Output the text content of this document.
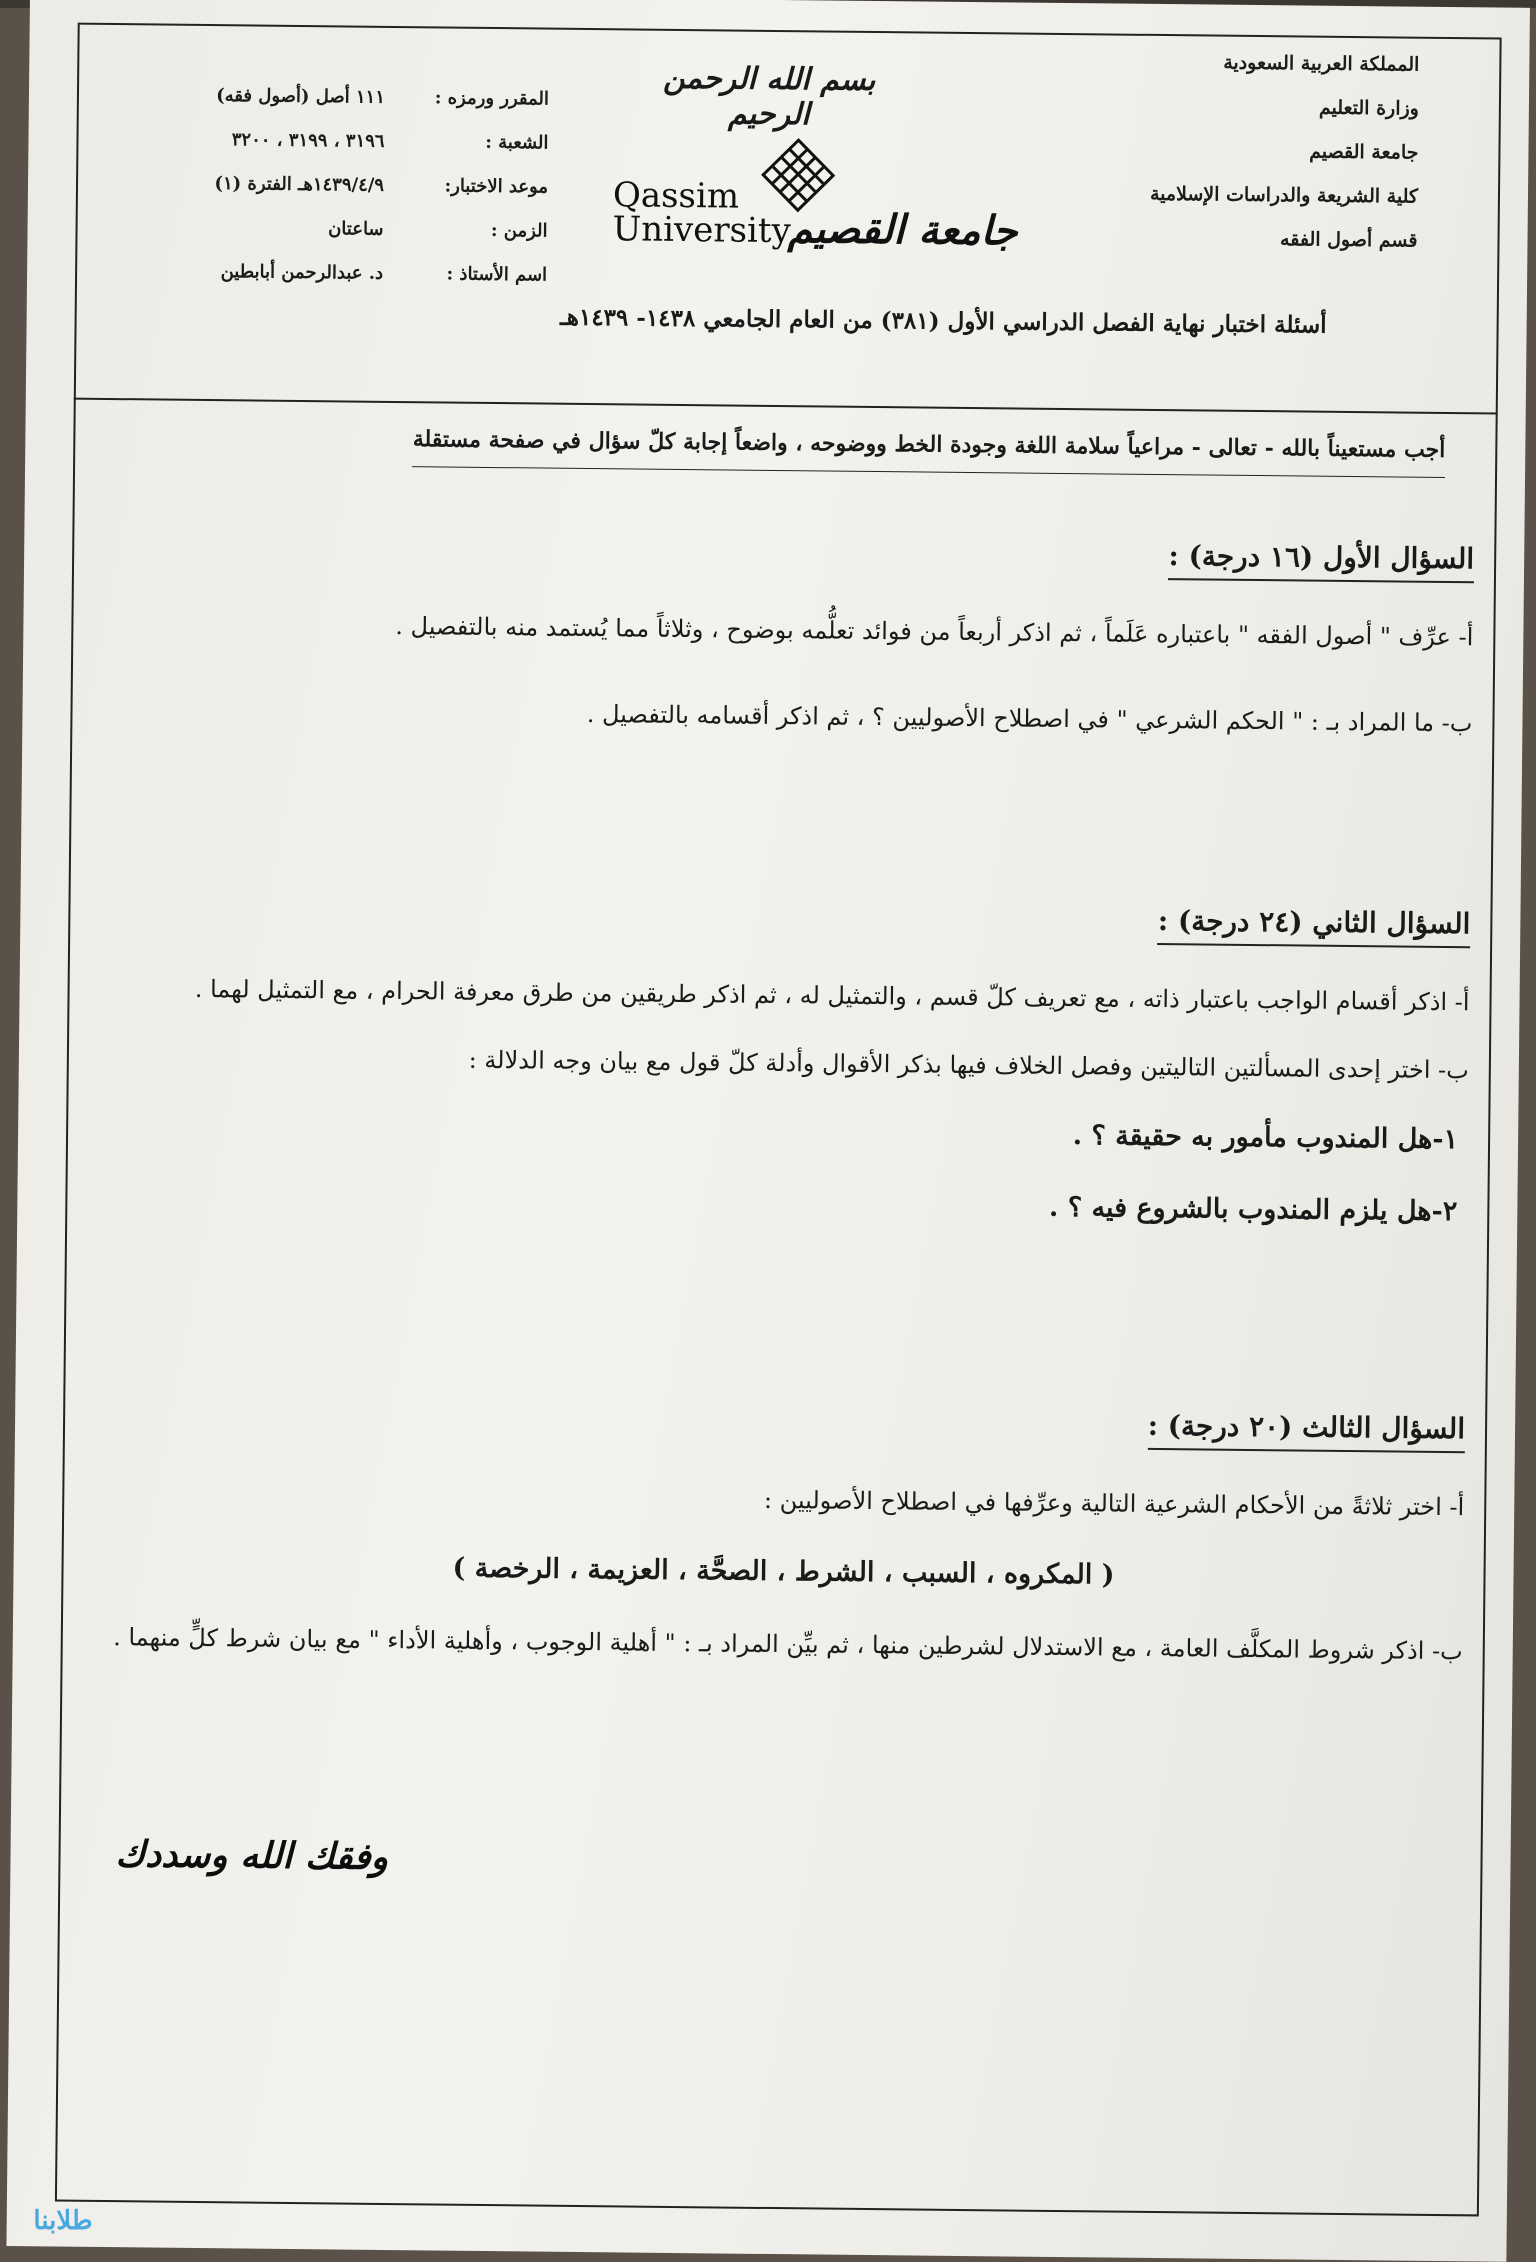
المملكة العربية السعودية
وزارة التعليم
جامعة القصيم
كلية الشريعة والدراسات الإسلامية
قسم أصول الفقه
بسم الله الرحمن الرحيم
Qassim
University
جامعة القصيم
المقرر ورمزه :
١١١ أصل (أصول فقه)
الشعبة :
٣١٩٦ ، ٣١٩٩ ، ٣٢٠٠
موعد الاختبار:
١٤٣٩/٤/٩هـ الفترة (١)
الزمن :
ساعتان
اسم الأستاذ :
د. عبدالرحمن أبابطين
أسئلة اختبار نهاية الفصل الدراسي الأول (٣٨١) من العام الجامعي ١٤٣٨- ١٤٣٩هـ
أجب مستعيناً بالله - تعالى - مراعياً سلامة اللغة وجودة الخط ووضوحه ، واضعاً إجابة كلّ سؤال في صفحة مستقلة
السؤال الأول (١٦ درجة) :
أ- عرِّف " أصول الفقه " باعتباره عَلَماً ، ثم اذكر أربعاً من فوائد تعلُّمه بوضوح ، وثلاثاً مما يُستمد منه بالتفصيل .
ب- ما المراد بـ : " الحكم الشرعي " في اصطلاح الأصوليين ؟ ، ثم اذكر أقسامه بالتفصيل .
السؤال الثاني (٢٤ درجة) :
أ- اذكر أقسام الواجب باعتبار ذاته ، مع تعريف كلّ قسم ، والتمثيل له ، ثم اذكر طريقين من طرق معرفة الحرام ، مع التمثيل لهما .
ب- اختر إحدى المسألتين التاليتين وفصل الخلاف فيها بذكر الأقوال وأدلة كلّ قول مع بيان وجه الدلالة :
١-هل المندوب مأمور به حقيقة ؟ .
٢-هل يلزم المندوب بالشروع فيه ؟ .
السؤال الثالث (٢٠ درجة) :
أ- اختر ثلاثةً من الأحكام الشرعية التالية وعرِّفها في اصطلاح الأصوليين :
( المكروه ، السبب ، الشرط ، الصحَّة ، العزيمة ، الرخصة )
ب- اذكر شروط المكلَّف العامة ، مع الاستدلال لشرطين منها ، ثم بيِّن المراد بـ : " أهلية الوجوب ، وأهلية الأداء " مع بيان شرط كلٍّ منهما .
وفقك الله وسددك
طلابنا
